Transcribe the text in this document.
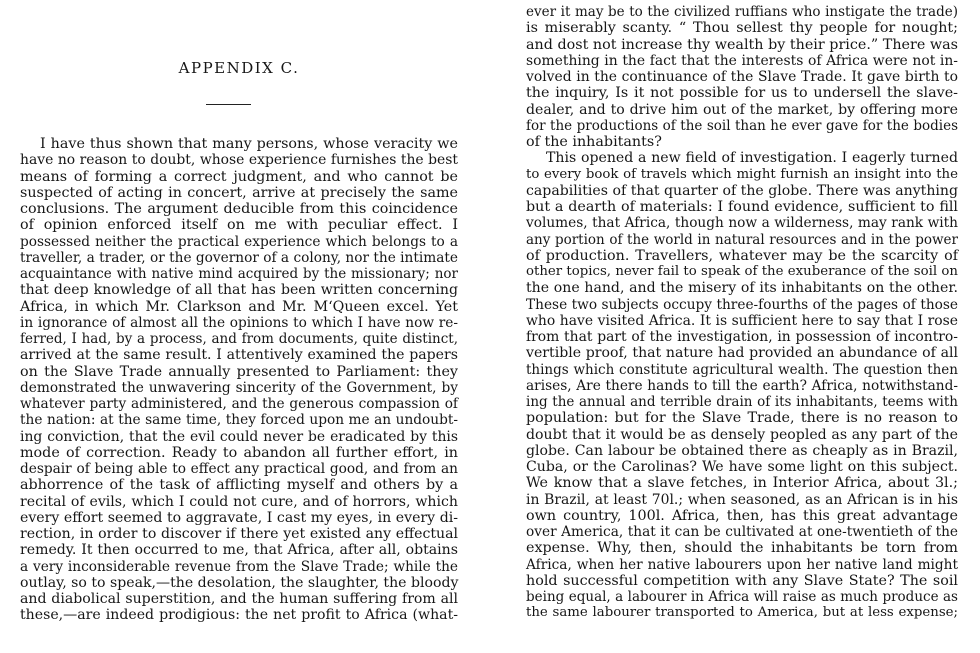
APPENDIX C.
I have thus shown that many persons, whose veracity we
have no reason to doubt, whose experience furnishes the best
means of forming a correct judgment, and who cannot be
suspected of acting in concert, arrive at precisely the same
conclusions. The argument deducible from this coincidence
of opinion enforced itself on me with peculiar effect. I
possessed neither the practical experience which belongs to a
traveller, a trader, or the governor of a colony, nor the intimate
acquaintance with native mind acquired by the missionary; nor
that deep knowledge of all that has been written concerning
Africa, in which Mr. Clarkson and Mr. M‘Queen excel. Yet
in ignorance of almost all the opinions to which I have now re-
ferred, I had, by a process, and from documents, quite distinct,
arrived at the same result. I attentively examined the papers
on the Slave Trade annually presented to Parliament: they
demonstrated the unwavering sincerity of the Government, by
whatever party administered, and the generous compassion of
the nation: at the same time, they forced upon me an undoubt-
ing conviction, that the evil could never be eradicated by this
mode of correction. Ready to abandon all further effort, in
despair of being able to effect any practical good, and from an
abhorrence of the task of afflicting myself and others by a
recital of evils, which I could not cure, and of horrors, which
every effort seemed to aggravate, I cast my eyes, in every di-
rection, in order to discover if there yet existed any effectual
remedy. It then occurred to me, that Africa, after all, obtains
a very inconsiderable revenue from the Slave Trade; while the
outlay, so to speak,—the desolation, the slaughter, the bloody
and diabolical superstition, and the human suffering from all
these,—are indeed prodigious: the net profit to Africa (what-
ever it may be to the civilized ruffians who instigate the trade)
is miserably scanty. “ Thou sellest thy people for nought;
and dost not increase thy wealth by their price.” There was
something in the fact that the interests of Africa were not in-
volved in the continuance of the Slave Trade. It gave birth to
the inquiry, Is it not possible for us to undersell the slave-
dealer, and to drive him out of the market, by offering more
for the productions of the soil than he ever gave for the bodies
of the inhabitants?
This opened a new field of investigation. I eagerly turned
to every book of travels which might furnish an insight into the
capabilities of that quarter of the globe. There was anything
but a dearth of materials: I found evidence, sufficient to fill
volumes, that Africa, though now a wilderness, may rank with
any portion of the world in natural resources and in the power
of production. Travellers, whatever may be the scarcity of
other topics, never fail to speak of the exuberance of the soil on
the one hand, and the misery of its inhabitants on the other.
These two subjects occupy three-fourths of the pages of those
who have visited Africa. It is sufficient here to say that I rose
from that part of the investigation, in possession of incontro-
vertible proof, that nature had provided an abundance of all
things which constitute agricultural wealth. The question then
arises, Are there hands to till the earth? Africa, notwithstand-
ing the annual and terrible drain of its inhabitants, teems with
population: but for the Slave Trade, there is no reason to
doubt that it would be as densely peopled as any part of the
globe. Can labour be obtained there as cheaply as in Brazil,
Cuba, or the Carolinas? We have some light on this subject.
We know that a slave fetches, in Interior Africa, about 3l.;
in Brazil, at least 70l.; when seasoned, as an African is in his
own country, 100l. Africa, then, has this great advantage
over America, that it can be cultivated at one-twentieth of the
expense. Why, then, should the inhabitants be torn from
Africa, when her native labourers upon her native land might
hold successful competition with any Slave State? The soil
being equal, a labourer in Africa will raise as much produce as
the same labourer transported to America, but at less expense;
